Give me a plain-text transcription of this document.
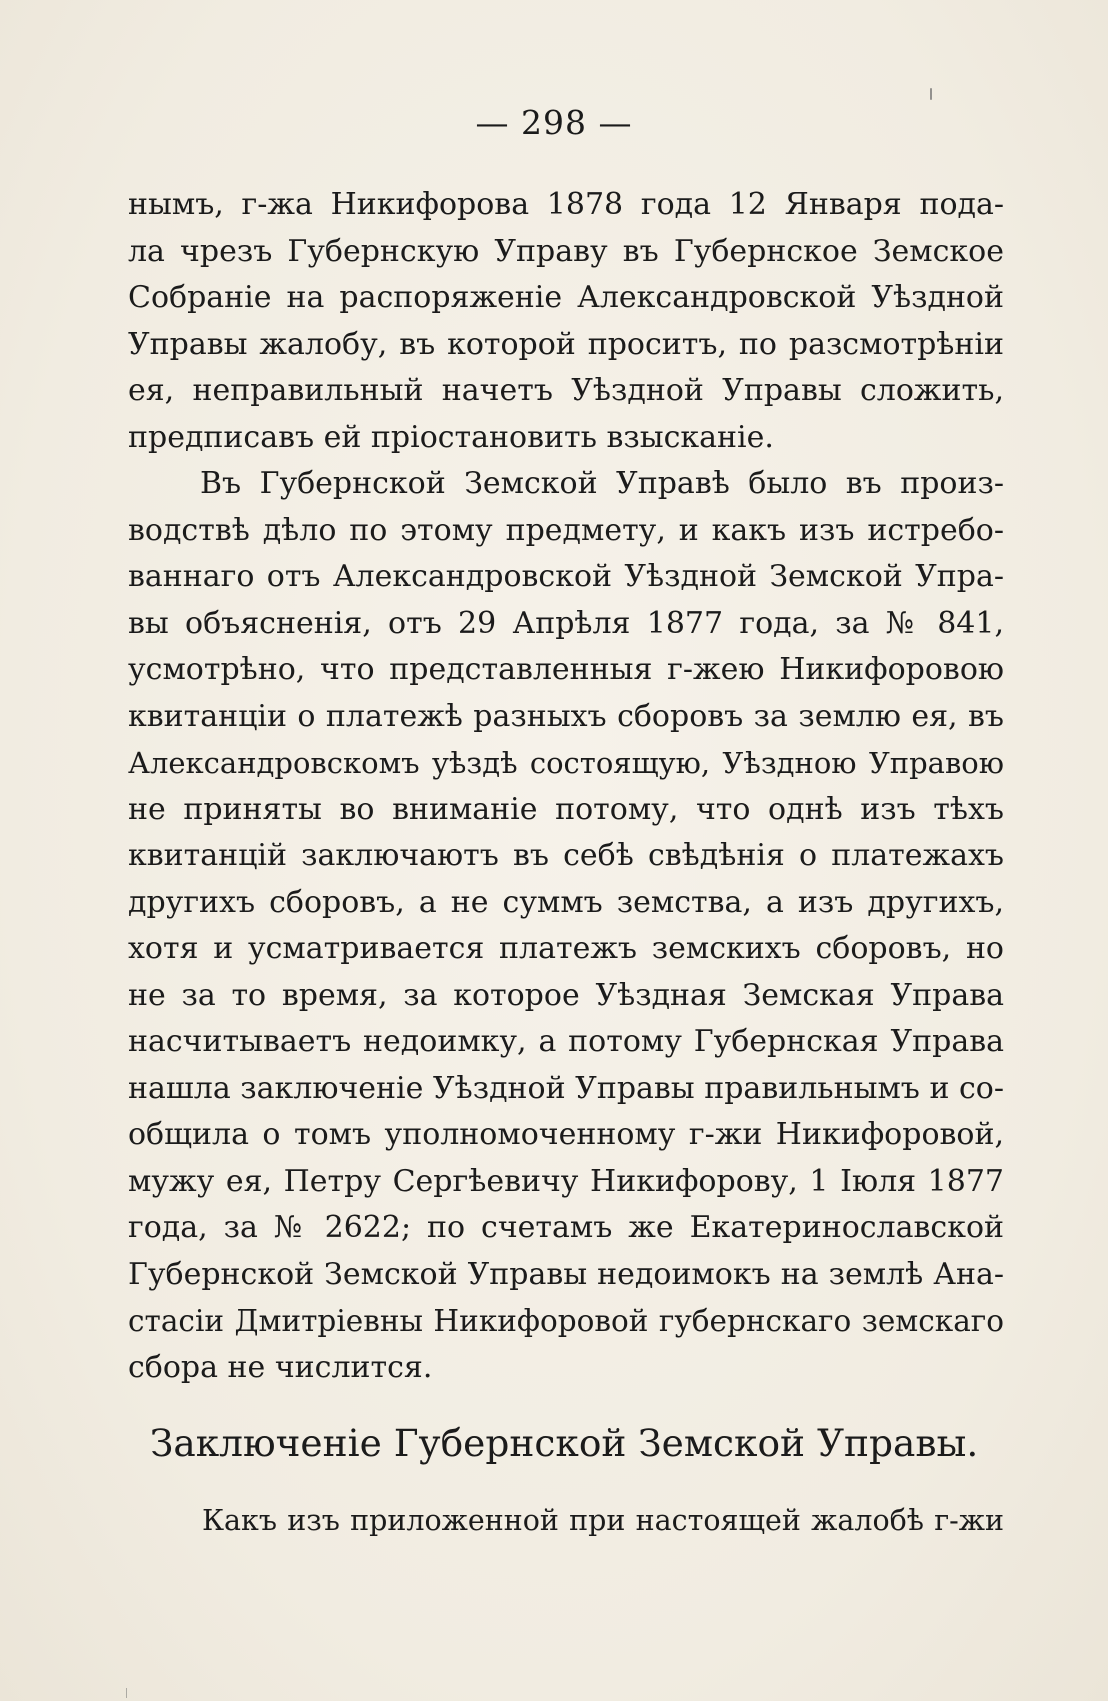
— 298 —
нымъ, г-жа Никифорова 1878 года 12 Января пода-
ла чрезъ Губернскую Управу въ Губернское Земское
Собраніе на распоряженіе Александровской Уѣздной
Управы жалобу, въ которой проситъ, по разсмотрѣніи
ея, неправильный начетъ Уѣздной Управы сложить,
предписавъ ей пріостановить взысканіе.
Въ Губернской Земской Управѣ было въ произ-
водствѣ дѣло по этому предмету, и какъ изъ истребо-
ваннаго отъ Александровской Уѣздной Земской Упра-
вы объясненія, отъ 29 Апрѣля 1877 года, за № 841,
усмотрѣно, что представленныя г-жею Никифоровою
квитанціи о платежѣ разныхъ сборовъ за землю ея, въ
Александровскомъ уѣздѣ состоящую, Уѣздною Управою
не приняты во вниманіе потому, что однѣ изъ тѣхъ
квитанцій заключаютъ въ себѣ свѣдѣнія о платежахъ
другихъ сборовъ, а не суммъ земства, а изъ другихъ,
хотя и усматривается платежъ земскихъ сборовъ, но
не за то время, за которое Уѣздная Земская Управа
насчитываетъ недоимку, а потому Губернская Управа
нашла заключеніе Уѣздной Управы правильнымъ и со-
общила о томъ уполномоченному г-жи Никифоровой,
мужу ея, Петру Сергѣевичу Никифорову, 1 Іюля 1877
года, за № 2622; по счетамъ же Екатеринославской
Губернской Земской Управы недоимокъ на землѣ Ана-
стасіи Дмитріевны Никифоровой губернскаго земскаго
сбора не числится.
Заключеніе Губернской Земской Управы.
Какъ изъ приложенной при настоящей жалобѣ г-жи
